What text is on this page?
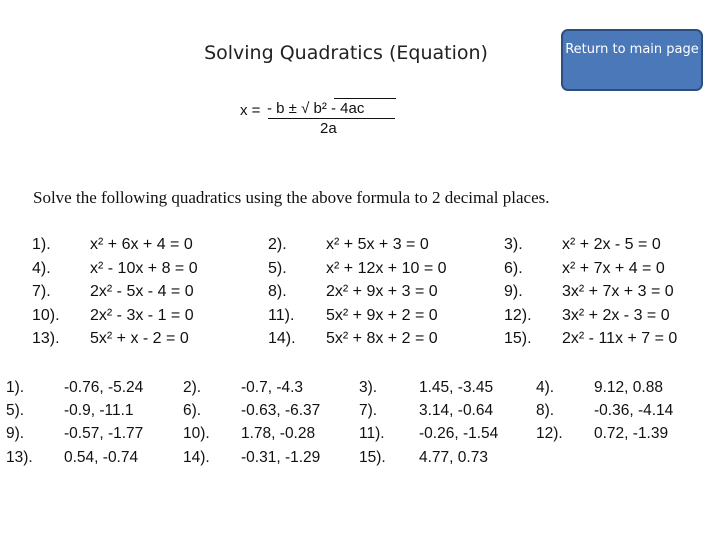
Solving Quadratics (Equation)	Return to main page
x = - b ± √ b² - 4ac
2a
Solve the following quadratics using the above formula to 2 decimal places.
1). x² + 6x + 4 = 0	2). x² + 5x + 3 = 0	3). x² + 2x - 5 = 0
4). x² - 10x + 8 = 0	5). x² + 12x + 10 = 0	6). x² + 7x + 4 = 0
7). 2x² - 5x - 4 = 0	8). 2x² + 9x + 3 = 0	9). 3x² + 7x + 3 = 0
10). 2x² - 3x - 1 = 0	11). 5x² + 9x + 2 = 0	12). 3x² + 2x - 3 = 0
13). 5x² + x - 2 = 0	14). 5x² + 8x + 2 = 0	15). 2x² - 11x + 7 = 0
1).	-0.76, -5.24	2).	-0.7, -4.3	3).	1.45, -3.45	4).	9.12, 0.88
5).	-0.9, -11.1	6).	-0.63, -6.37 7).	3.14, -0.64	8).	-0.36, -4.14
9).	-0.57, -1.77	10). 1.78, -0.28	11). -0.26, -1.54 12). 0.72, -1.39
13). 0.54, -0.74	14). -0.31, -1.29 15). 4.77, 0.73
